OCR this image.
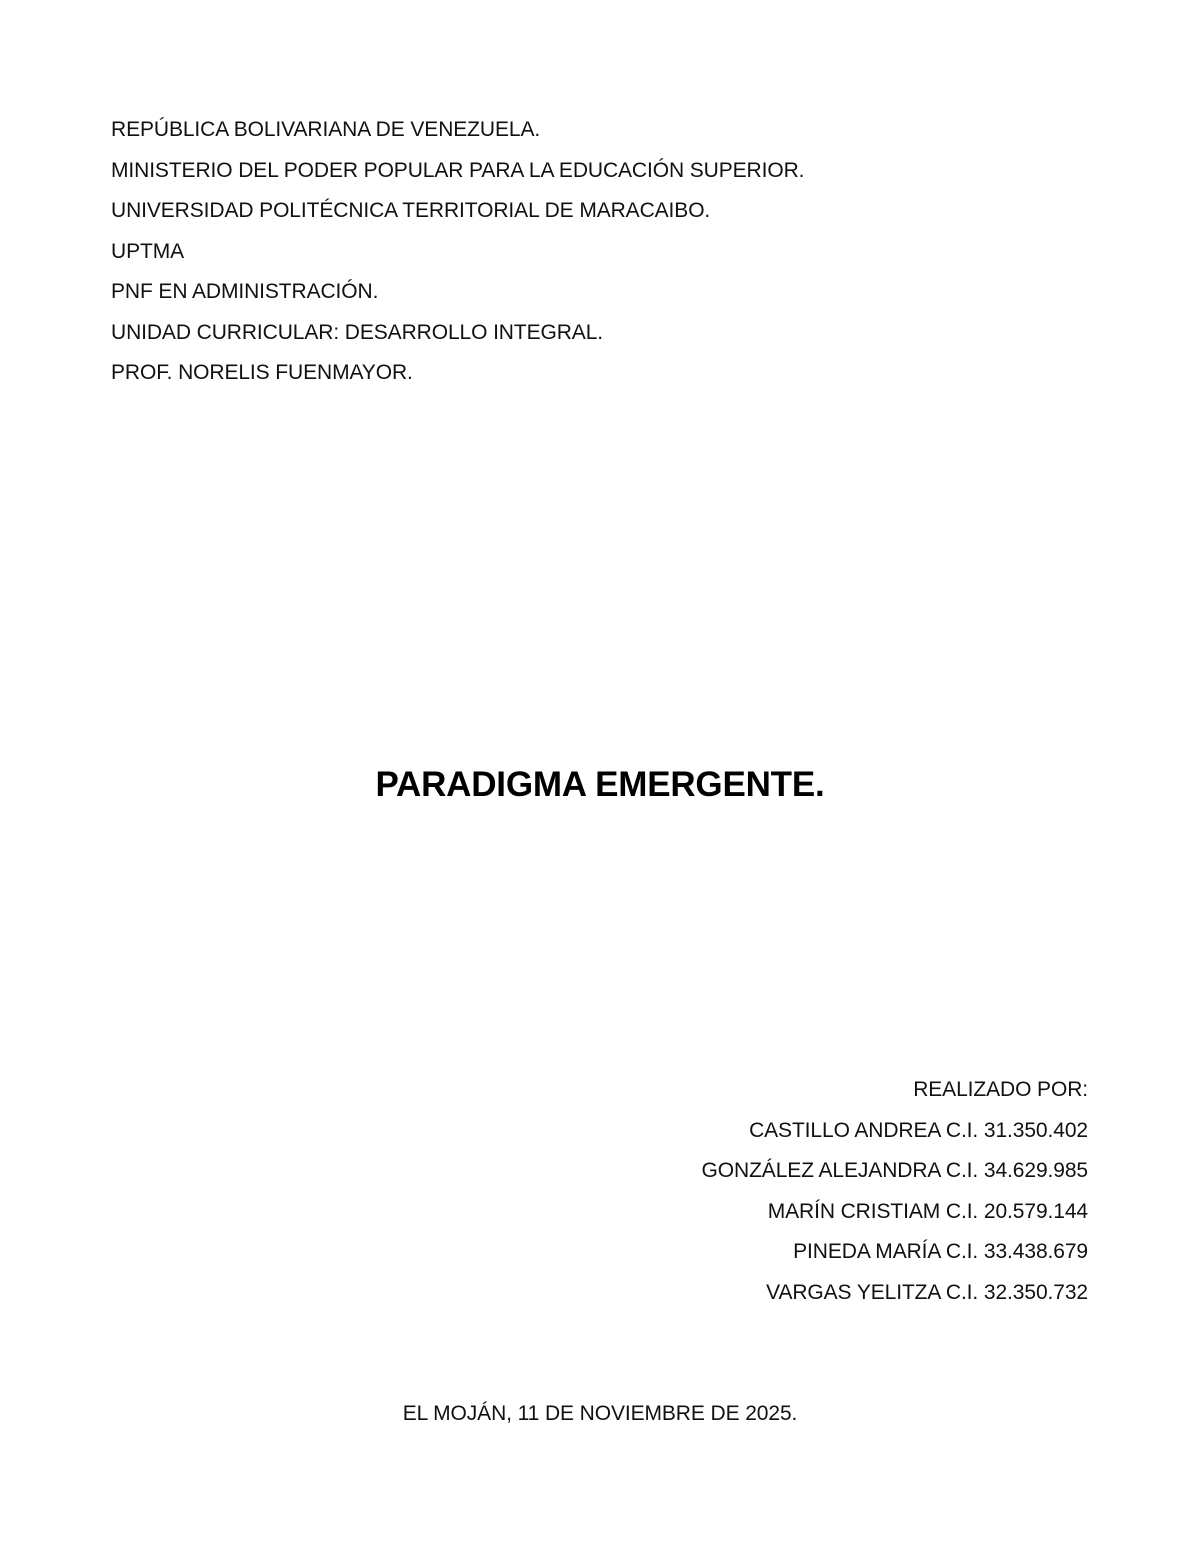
REPÚBLICA BOLIVARIANA DE VENEZUELA.
MINISTERIO DEL PODER POPULAR PARA LA EDUCACIÓN SUPERIOR.
UNIVERSIDAD POLITÉCNICA TERRITORIAL DE MARACAIBO.
UPTMA
PNF EN ADMINISTRACIÓN.
UNIDAD CURRICULAR: DESARROLLO INTEGRAL.
PROF. NORELIS FUENMAYOR.
PARADIGMA EMERGENTE.
REALIZADO POR:
CASTILLO ANDREA C.I. 31.350.402
GONZÁLEZ ALEJANDRA C.I. 34.629.985
MARÍN CRISTIAM C.I. 20.579.144
PINEDA MARÍA C.I. 33.438.679
VARGAS YELITZA C.I. 32.350.732
EL MOJÁN, 11 DE NOVIEMBRE DE 2025.
